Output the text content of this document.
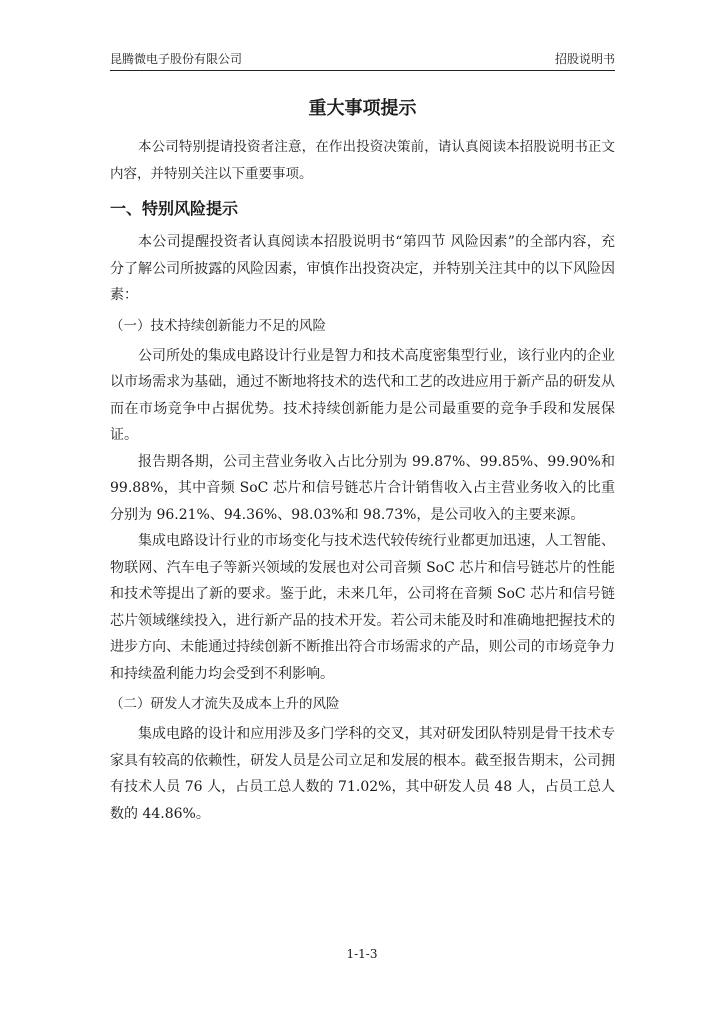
昆腾微电子股份有限公司	招股说明书
重大事项提示

本公司特别提请投资者注意，在作出投资决策前，请认真阅读本招股说明书正文内容，并特别关注以下重要事项。

一、特别风险提示

本公司提醒投资者认真阅读本招股说明书“第四节 风险因素”的全部内容，充分了解公司所披露的风险因素，审慎作出投资决定，并特别关注其中的以下风险因素：

（一）技术持续创新能力不足的风险

公司所处的集成电路设计行业是智力和技术高度密集型行业，该行业内的企业以市场需求为基础，通过不断地将技术的迭代和工艺的改进应用于新产品的研发从而在市场竞争中占据优势。技术持续创新能力是公司最重要的竞争手段和发展保证。

报告期各期，公司主营业务收入占比分别为 99.87%、99.85%、99.90%和 99.88%，其中音频 SoC 芯片和信号链芯片合计销售收入占主营业务收入的比重分别为 96.21%、94.36%、98.03%和 98.73%，是公司收入的主要来源。

集成电路设计行业的市场变化与技术迭代较传统行业都更加迅速，人工智能、物联网、汽车电子等新兴领域的发展也对公司音频 SoC 芯片和信号链芯片的性能和技术等提出了新的要求。鉴于此，未来几年，公司将在音频 SoC 芯片和信号链芯片领域继续投入，进行新产品的技术开发。若公司未能及时和准确地把握技术的进步方向、未能通过持续创新不断推出符合市场需求的产品，则公司的市场竞争力和持续盈利能力均会受到不利影响。

（二）研发人才流失及成本上升的风险

集成电路的设计和应用涉及多门学科的交叉，其对研发团队特别是骨干技术专家具有较高的依赖性，研发人员是公司立足和发展的根本。截至报告期末，公司拥有技术人员 76 人，占员工总人数的 71.02%，其中研发人员 48 人，占员工总人数的 44.86%。

1-1-3
